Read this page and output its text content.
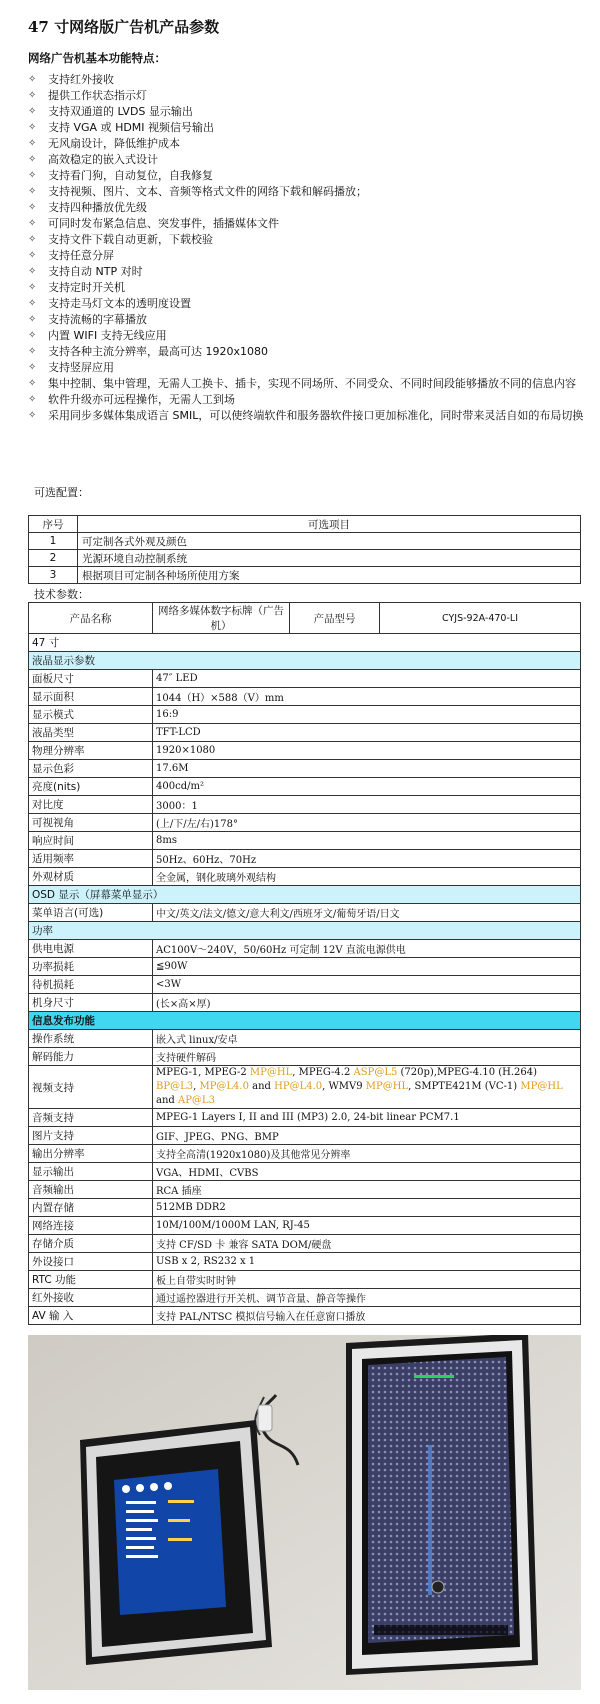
47 寸网络版广告机产品参数
网络广告机基本功能特点：
✧	支持红外接收
✧	提供工作状态指示灯
✧	支持双通道的 LVDS 显示输出
✧	支持 VGA 或 HDMI 视频信号输出
✧	无风扇设计，降低维护成本
✧	高效稳定的嵌入式设计
✧	支持看门狗，自动复位，自我修复
✧	支持视频、图片、文本、音频等格式文件的网络下载和解码播放；
✧	支持四种播放优先级
✧	可同时发布紧急信息、突发事件，插播媒体文件
✧	支持文件下载自动更新，下载校验
✧	支持任意分屏
✧	支持自动 NTP 对时
✧	支持定时开关机
✧	支持走马灯文本的透明度设置
✧	支持流畅的字幕播放
✧	内置 WIFI 支持无线应用
✧	支持各种主流分辨率，最高可达 1920x1080
✧	支持竖屏应用
✧	集中控制、集中管理，无需人工换卡、插卡，实现不同场所、不同受众、不同时间段能够播放不同的信息内容
✧	软件升级亦可远程操作，无需人工到场
✧	采用同步多媒体集成语言 SMIL，可以使终端软件和服务器软件接口更加标准化，同时带来灵活自如的布局切换
可选配置：
序号	可选项目
1	可定制各式外观及颜色
2	光源环境自动控制系统
3	根据项目可定制各种场所使用方案
技术参数：
产品名称	网络多媒体数字标牌（广告机）	产品型号	CYJS-92A-470-LI
47 寸			
液晶显示参数			
面板尺寸	47″ LED		
显示面积	1044（H）×588（V）mm		
显示模式	16:9		
液晶类型	TFT-LCD		
物理分辨率	1920×1080		
显示色彩	17.6M		
亮度(nits)	400cd/m²		
对比度	3000：1		
可视视角	(上/下/左/右)178°		
响应时间	8ms		
适用频率	50Hz、60Hz、70Hz		
外观材质	全金属，钢化玻璃外观结构		
OSD 显示（屏幕菜单显示）			
菜单语言(可选)	中文/英文/法文/德文/意大利文/西班牙文/葡萄牙语/日文		
功率			
供电电源	AC100V～240V，50/60Hz 可定制 12V 直流电源供电		
功率损耗	≦90W		
待机损耗	<3W		
机身尺寸	(长×高×厚)		
信息发布功能			
操作系统	嵌入式 linux/安卓		
解码能力	支持硬件解码		
视频支持	MPEG-1, MPEG-2 MP@HL, MPEG-4.2 ASP@L5 (720p),MPEG-4.10 (H.264) BP@L3, MP@L4.0 and HP@L4.0, WMV9 MP@HL, SMPTE421M (VC-1) MP@HL and AP@L3		
音频支持	MPEG-1 Layers I, II and III (MP3) 2.0, 24-bit linear PCM7.1		
图片支持	GIF、JPEG、PNG、BMP		
输出分辨率	支持全高清(1920x1080)及其他常见分辨率		
显示输出	VGA、HDMI、CVBS		
音频输出	RCA 插座		
内置存储	512MB DDR2		
网络连接	10M/100M/1000M LAN, RJ-45		
存储介质	支持 CF/SD 卡 兼容 SATA DOM/硬盘		
外设接口	USB x 2, RS232 x 1		
RTC 功能	板上自带实时时钟		
红外接收	通过遥控器进行开关机、调节音量、静音等操作		
AV 输 入	支持 PAL/NTSC 模拟信号输入在任意窗口播放		
